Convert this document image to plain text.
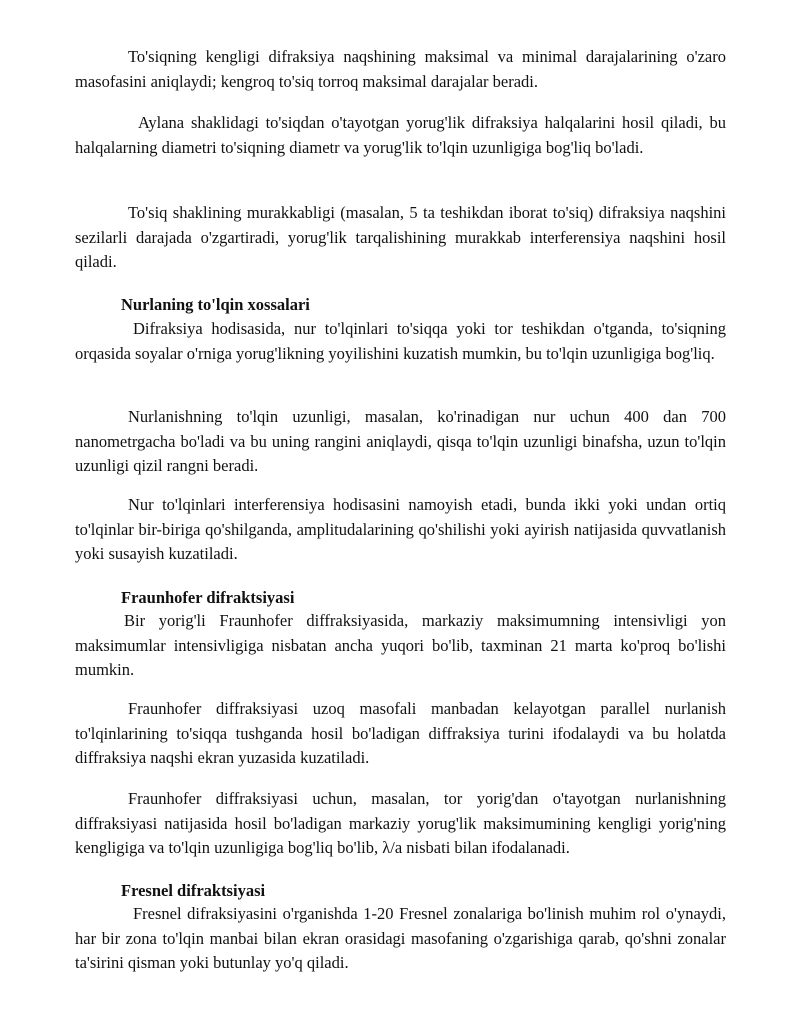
To'siqning kengligi difraksiya naqshining maksimal va minimal darajalarining o'zaro masofasini aniqlaydi; kengroq to'siq torroq maksimal darajalar beradi.

Aylana shaklidagi to'siqdan o'tayotgan yorug'lik difraksiya halqalarini hosil qiladi, bu halqalarning diametri to'siqning diametr va yorug'lik to'lqin uzunligiga bog'liq bo'ladi.

To'siq shaklining murakkabligi (masalan, 5 ta teshikdan iborat to'siq) difraksiya naqshini sezilarli darajada o'zgartiradi, yorug'lik tarqalishining murakkab interferensiya naqshini hosil qiladi.

Nurlaning to'lqin xossalari

Difraksiya hodisasida, nur to'lqinlari to'siqqa yoki tor teshikdan o'tganda, to'siqning orqasida soyalar o'rniga yorug'likning yoyilishini kuzatish mumkin, bu to'lqin uzunligiga bog'liq.

Nurlanishning to'lqin uzunligi, masalan, ko'rinadigan nur uchun 400 dan 700 nanometrgacha bo'ladi va bu uning rangini aniqlaydi, qisqa to'lqin uzunligi binafsha, uzun to'lqin uzunligi qizil rangni beradi.

Nur to'lqinlari interferensiya hodisasini namoyish etadi, bunda ikki yoki undan ortiq to'lqinlar bir-biriga qo'shilganda, amplitudalarining qo'shilishi yoki ayirish natijasida quvvatlanish yoki susayish kuzatiladi.

Fraunhofer difraktsiyasi

Bir yorig'li Fraunhofer diffraksiyasida, markaziy maksimumning intensivligi yon maksimumlar intensivligiga nisbatan ancha yuqori bo'lib, taxminan 21 marta ko'proq bo'lishi mumkin.

Fraunhofer diffraksiyasi uzoq masofali manbadan kelayotgan parallel nurlanish to'lqinlarining to'siqqa tushganda hosil bo'ladigan diffraksiya turini ifodalaydi va bu holatda diffraksiya naqshi ekran yuzasida kuzatiladi.

Fraunhofer diffraksiyasi uchun, masalan, tor yorig'dan o'tayotgan nurlanishning diffraksiyasi natijasida hosil bo'ladigan markaziy yorug'lik maksimumining kengligi yorig'ning kengligiga va to'lqin uzunligiga bog'liq bo'lib, λ/a nisbati bilan ifodalanadi.

Fresnel difraktsiyasi

Fresnel difraksiyasini o'rganishda 1-20 Fresnel zonalariga bo'linish muhim rol o'ynaydi, har bir zona to'lqin manbai bilan ekran orasidagi masofaning o'zgarishiga qarab, qo'shni zonalar ta'sirini qisman yoki butunlay yo'q qiladi.
